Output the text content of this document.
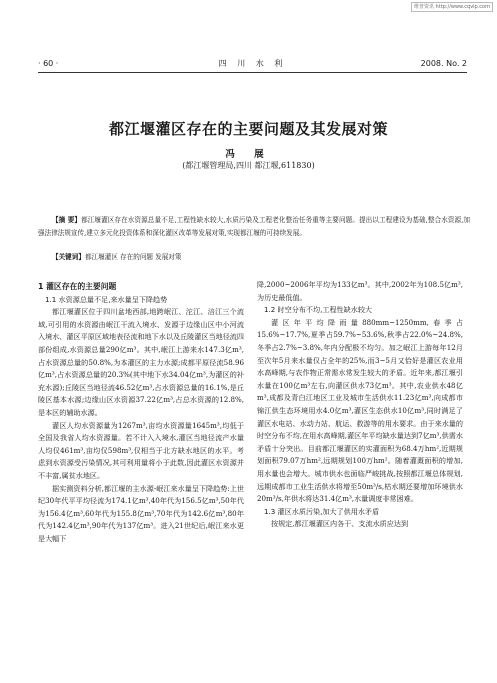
维普资讯 http://www.cqvip.com
· 60 ·	四 川 水 利	2008. No. 2
都江堰灌区存在的主要问题及其发展对策
冯 展
(都江堰管理局,四川 都江堰,611830)
【摘 要】都江堰灌区存在水资源总量不足,工程性缺水较大,水质污染及工程老化整治任务重等主要问题。提出以工程建设为基础,整合水资源,加强法律法规宣传,建立多元化投资体系和深化灌区改革等发展对策,实现都江堰的可持续发展。
【关键词】都江堰灌区 存在的问题 发展对策

1 灌区存在的主要问题

1.1 水资源总量不足,来水量呈下降趋势

都江堰灌区位于四川盆地西部,地跨岷江、沱江、涪江三个流域,可引用的水资源由岷江干流入境水、发源于边缘山区中小河流入境水、灌区平原区域地表径流和地下水以及丘陵灌区当地径流四部份组成,水资源总量290亿m³。其中,岷江上游来水147.3亿m³,占水资源总量的50.8%,为本灌区的主力水源;成都平原径流58.96亿m³,占水资源总量的20.3%(其中地下水34.04亿m³,为灌区的补充水源);丘陵区当地径流46.52亿m³,占水资源总量的16.1%,是丘陵区基本水源;边缘山区水资源37.22亿m³,占总水资源的12.8%,是本区的辅助水源。

灌区人均水资源量为1267m³,亩均水资源量1645m³,均低于全国及我省人均水资源量。若不计入入境水,灌区当地径流产水量人均仅461m³,亩均仅598m³,仅相当于北方缺水地区的水平。考虑到水资源受污染情况,其可利用量将小于此数,因此灌区水资源并不丰富,属贫水地区。

据实测资料分析,都江堰的主水源-岷江来水量呈下降趋势:上世纪30年代平平均径流为174.1亿m³,40年代为156.5亿m³,50年代为156.4亿m³,60年代为155.8亿m³,70年代为142.6亿m³,80年代为142.4亿m³,90年代为137亿m³。进入21世纪后,岷江来水更是大幅下

降,2000~2006年平均为133亿m³。其中,2002年为108.5亿m³,为历史最低值。

1.2 时空分布不均,工程性缺水较大

灌区年平均降雨量880mm~1250mm,春季占15.6%~17.7%,夏季占59.7%~53.6%,秋季占22.0%~24.8%,冬季占2.7%~3.8%,年内分配极不均匀。加之岷江上游每年12月至次年5月来水量仅占全年的25%,而3~5月又恰好是灌区农业用水高峰期,与农作物正常需水常发生较大的矛盾。近年来,都江堰引水量在100亿m³左右,向灌区供水73亿m³。其中,农业供水48亿m³,成都及青白江地区工业及城市生活供水11.23亿m³,向成都市锦江供生态环境用水4.0亿m³,灌区生态供水10亿m³,同时满足了灌区水电站、水动力站、航运、救游等的用水要求。由于来水量的时空分布不均,在用水高峰期,灌区年平均缺水量达到7亿m³,供需水矛盾十分突出。目前都江堰灌区的实灌面积为68.4万hm²,近期规划面积79.07万hm²,远期规划100万hm²。随着灌溉面积的增加,用水量也会增大。城市供水也面临严峻挑战,按照都江堰总体规划,远期成都市工业生活供水将增至50m³/s,枯水期还要增加环境供水20m³/s,年供水将达31.4亿m³,水量调度非常困难。

1.3 灌区水质污染,加大了供用水矛盾

按规定,都江堰灌区内各干、支流水质应达到
